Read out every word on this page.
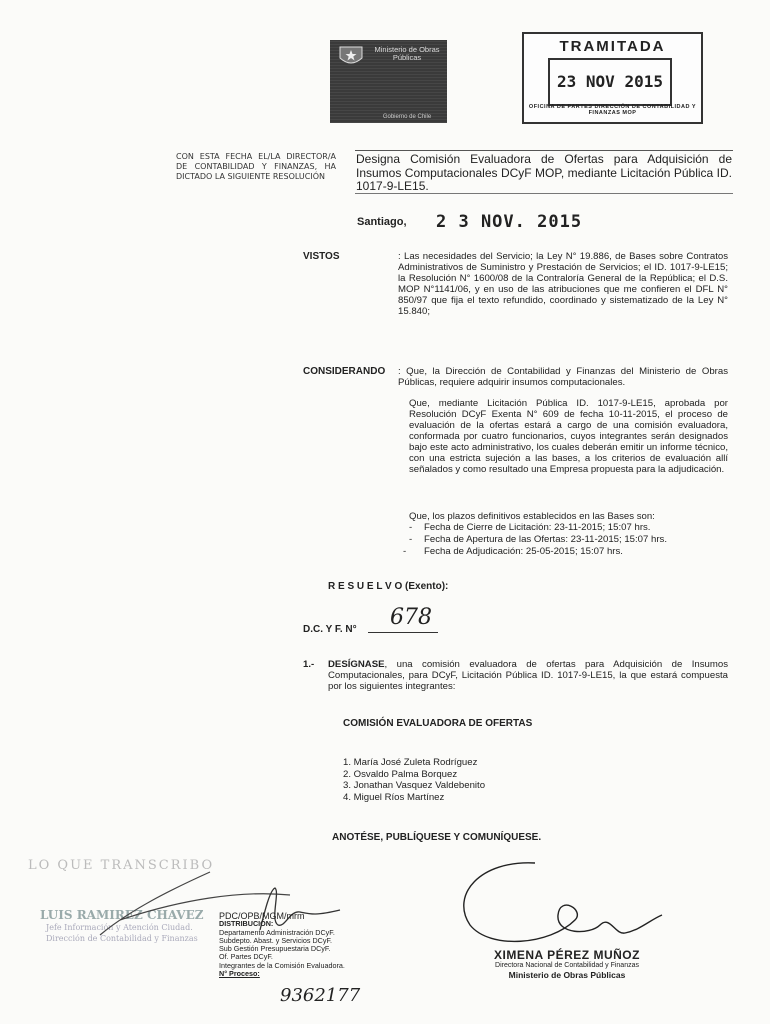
Ministerio de Obras Públicas
Gobierno de Chile
TRAMITADA
23 NOV 2015
OFICINA DE PARTES DIRECCIÓN DE CONTABILIDAD Y FINANZAS MOP
CON ESTA FECHA EL/LA DIRECTOR/A DE CONTABILIDAD Y FINANZAS, HA DICTADO LA SIGUIENTE RESOLUCIÓN
Designa Comisión Evaluadora de Ofertas para Adquisición de Insumos Computacionales DCyF MOP, mediante Licitación Pública ID. 1017-9-LE15.
Santiago, 2 3 NOV. 2015
VISTOS	: Las necesidades del Servicio; la Ley N° 19.886, de Bases sobre Contratos Administrativos de Suministro y Prestación de Servicios; el ID. 1017-9-LE15; la Resolución N° 1600/08 de la Contraloría General de la República; el D.S. MOP N°1141/06, y en uso de las atribuciones que me confieren el DFL N° 850/97 que fija el texto refundido, coordinado y sistematizado de la Ley N° 15.840;
CONSIDERANDO : Que, la Dirección de Contabilidad y Finanzas del Ministerio de Obras Públicas, requiere adquirir insumos computacionales.
Que, mediante Licitación Pública ID. 1017-9-LE15, aprobada por Resolución DCyF Exenta N° 609 de fecha 10-11-2015, el proceso de evaluación de la ofertas estará a cargo de una comisión evaluadora, conformada por cuatro funcionarios, cuyos integrantes serán designados bajo este acto administrativo, los cuales deberán emitir un informe técnico, con una estricta sujeción a las bases, a los criterios de evaluación allí señalados y como resultado una Empresa propuesta para la adjudicación.
Que, los plazos definitivos establecidos en las Bases son:
- Fecha de Cierre de Licitación: 23-11-2015; 15:07 hrs.
- Fecha de Apertura de las Ofertas: 23-11-2015; 15:07 hrs.
- Fecha de Adjudicación: 25-05-2015; 15:07 hrs.
R E S U E L V O (Exento):
D.C. Y F. N° 678
1.- DESÍGNASE, una comisión evaluadora de ofertas para Adquisición de Insumos Computacionales, para DCyF, Licitación Pública ID. 1017-9-LE15, la que estará compuesta por los siguientes integrantes:
COMISIÓN EVALUADORA DE OFERTAS
1. María José Zuleta Rodríguez
2. Osvaldo Palma Borquez
3. Jonathan Vasquez Valdebenito
4. Miguel Ríos Martínez
ANOTÉSE, PUBLÍQUESE Y COMUNÍQUESE.
LO QUE TRANSCRIBO
LUIS RAMIREZ CHAVEZ
Jefe Información y Atención Ciudad.
Dirección de Contabilidad y Finanzas
PDC/OPB/MGM/mrm
DISTRIBUCIÓN:
Departamento Administración DCyF.
Subdepto. Abast. y Servicios DCyF.
Sub Gestión Presupuestaria DCyF.
Of. Partes DCyF.
Integrantes de la Comisión Evaluadora.
N° Proceso:
9362177
XIMENA PÉREZ MUÑOZ
Directora Nacional de Contabilidad y Finanzas
Ministerio de Obras Públicas
